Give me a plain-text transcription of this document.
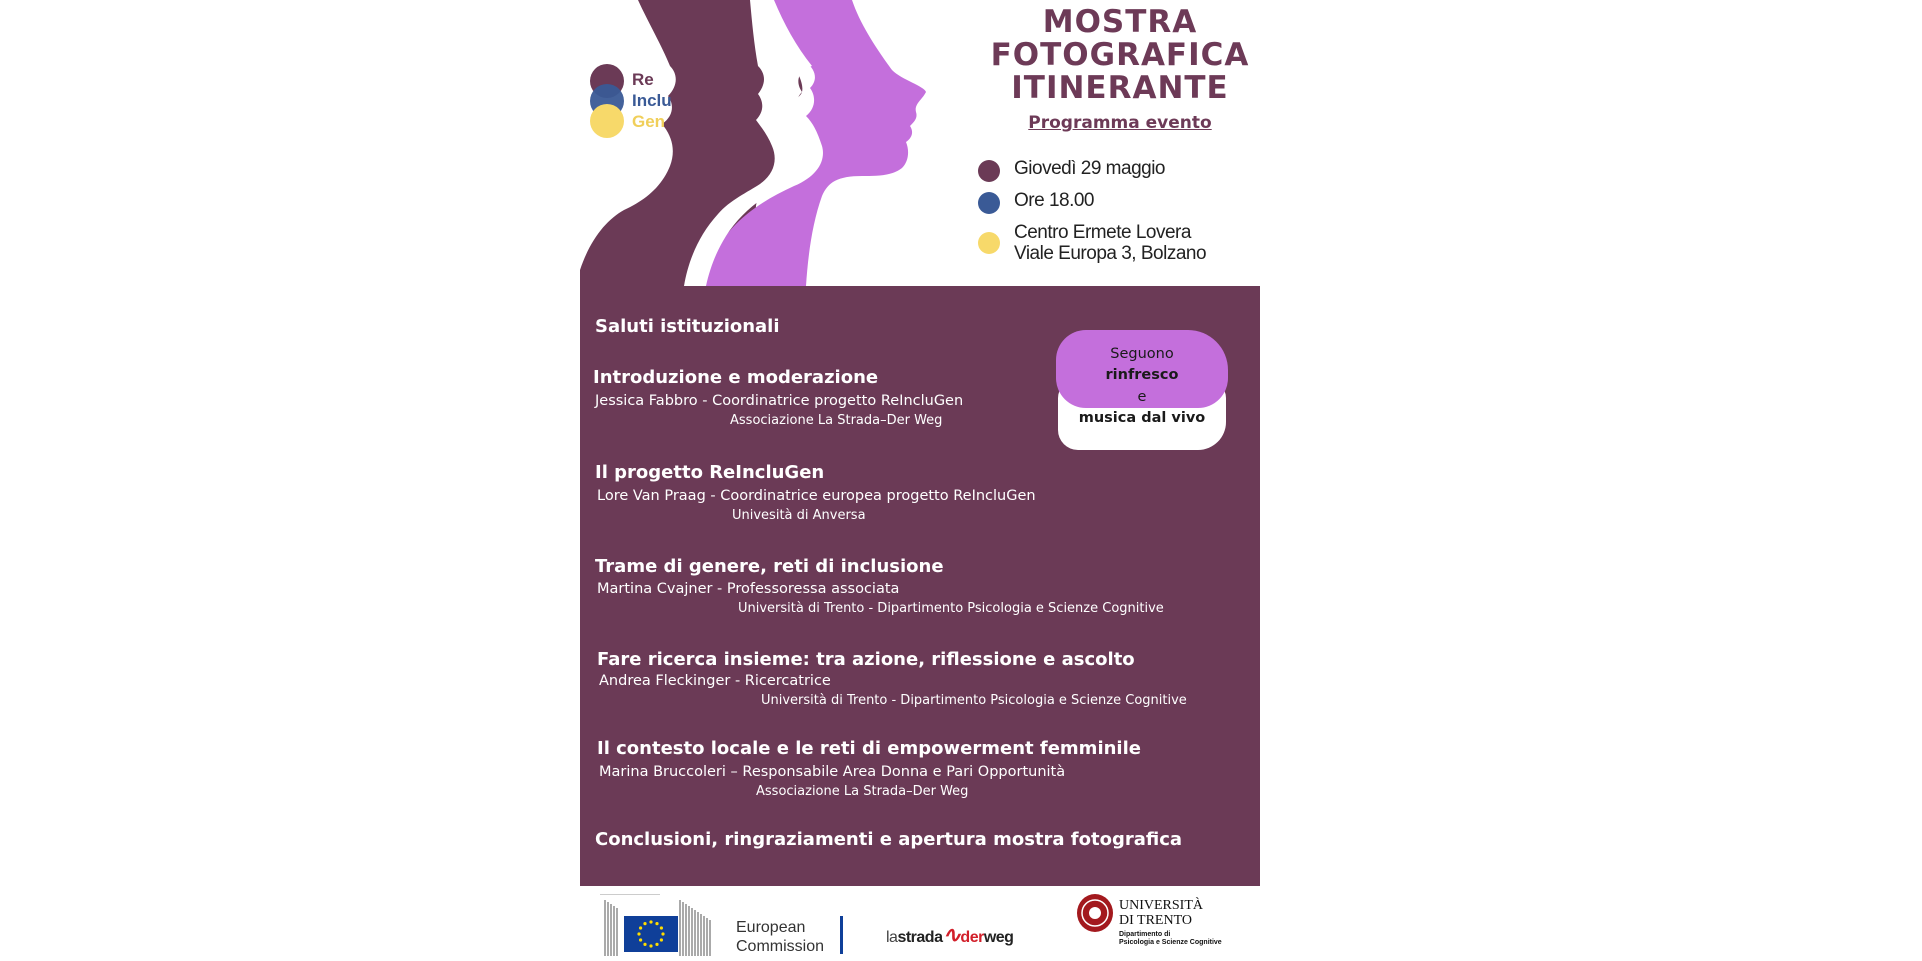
Re
Inclu
Gen
MOSTRA
FOTOGRAFICA
ITINERANTE
Programma evento
Giovedì 29 maggio
Ore 18.00
Centro Ermete Lovera
Viale Europa 3, Bolzano
Saluti istituzionali
Introduzione e moderazione
Jessica Fabbro - Coordinatrice progetto ReIncluGen
Associazione La Strada–Der Weg
Il progetto ReIncluGen
Lore Van Praag - Coordinatrice europea progetto ReIncluGen
Univesità di Anversa
Trame di genere, reti di inclusione
Martina Cvajner - Professoressa associata
Università di Trento - Dipartimento Psicologia e Scienze Cognitive
Fare ricerca insieme: tra azione, riflessione e ascolto
Andrea Fleckinger - Ricercatrice
Università di Trento - Dipartimento Psicologia e Scienze Cognitive
Il contesto locale e le reti di empowerment femminile
Marina Bruccoleri – Responsabile Area Donna e Pari Opportunità
Associazione La Strada–Der Weg
Conclusioni, ringraziamenti e apertura mostra fotografica
Seguono
rinfresco
e
musica dal vivo
European
Commission
lastrada∿derweg
UNIVERSITÀ
DI TRENTO
Dipartimento di
Psicologia e Scienze Cognitive
